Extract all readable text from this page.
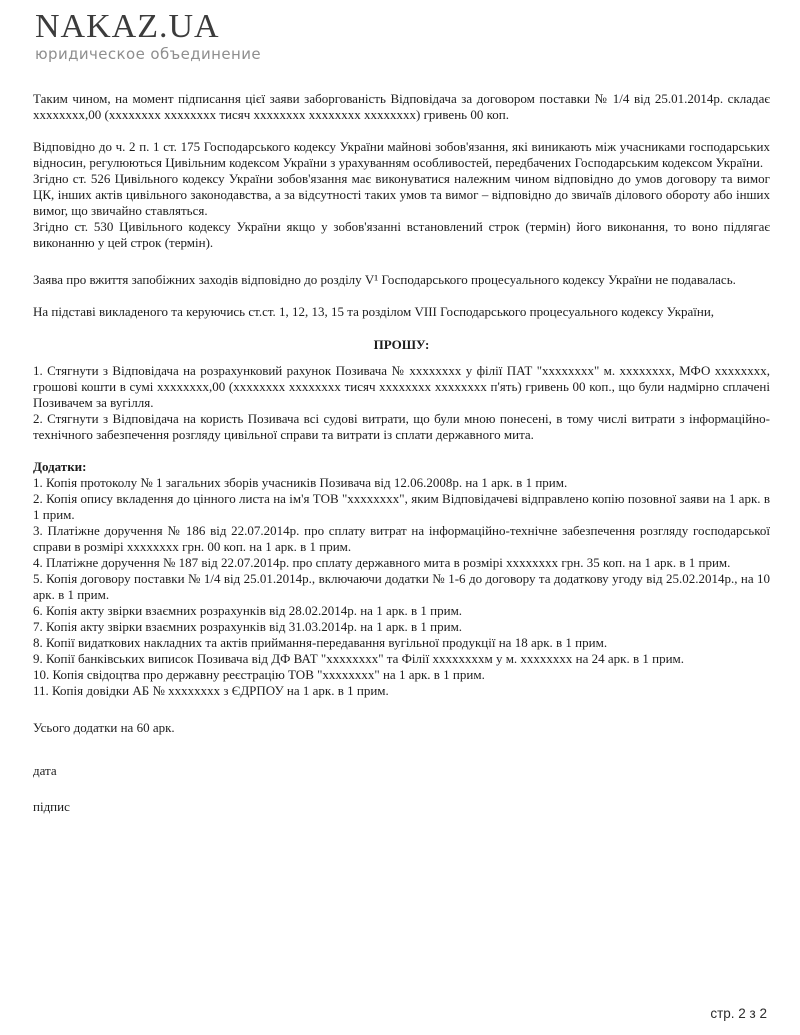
NAKAZ.UA
юридическое объединение

Таким чином, на момент підписання цієї заяви заборгованість Відповідача за договором поставки № 1/4 від 25.01.2014р. складає хххххххх,00 (хххххххх хххххххх тисяч хххххххх хххххххх хххххххх) гривень 00 коп.

Відповідно до ч. 2 п. 1 ст. 175 Господарського кодексу України майнові зобов'язання, які виникають між учасниками господарських відносин, регулюються Цивільним кодексом України з урахуванням особливостей, передбачених Господарським кодексом України.

Згідно ст. 526 Цивільного кодексу України зобов'язання має виконуватися належним чином відповідно до умов договору та вимог ЦК, інших актів цивільного законодавства, а за відсутності таких умов та вимог – відповідно до звичаїв ділового обороту або інших вимог, що звичайно ставляться.

Згідно ст. 530 Цивільного кодексу України якщо у зобов'язанні встановлений строк (термін) його виконання, то воно підлягає виконанню у цей строк (термін).

Заява про вжиття запобіжних заходів відповідно до розділу V¹ Господарського процесуального кодексу України не подавалась.

На підставі викладеного та керуючись ст.ст. 1, 12, 13, 15 та розділом VIII Господарського процесуального кодексу України,

ПРОШУ:

1. Стягнути з Відповідача на розрахунковий рахунок Позивача № хххххххх у філії ПАТ "хххххххх" м. хххххххх, МФО хххххххх, грошові кошти в сумі хххххххх,00 (хххххххх хххххххх тисяч хххххххх хххххххх п'ять) гривень 00 коп., що були надмірно сплачені Позивачем за вугілля.

2. Стягнути з Відповідача на користь Позивача всі судові витрати, що були мною понесені, в тому числі витрати з інформаційно-технічного забезпечення розгляду цивільної справи та витрати із сплати державного мита.

Додатки:

1. Копія протоколу № 1 загальних зборів учасників Позивача від 12.06.2008р. на 1 арк. в 1 прим.

2. Копія опису вкладення до цінного листа на ім'я ТОВ "хххххххх", яким Відповідачеві відправлено копію позовної заяви на 1 арк. в 1 прим.

3. Платіжне доручення № 186 від 22.07.2014р. про сплату витрат на інформаційно-технічне забезпечення розгляду господарської справи в розмірі хххххххх грн. 00 коп. на 1 арк. в 1 прим.

4. Платіжне доручення № 187 від 22.07.2014р. про сплату державного мита в розмірі хххххххх грн. 35 коп. на 1 арк. в 1 прим.

5. Копія договору поставки № 1/4 від 25.01.2014р., включаючи додатки № 1-6 до договору та додаткову угоду від 25.02.2014р., на 10 арк. в 1 прим.

6. Копія акту звірки взаємних розрахунків від 28.02.2014р. на 1 арк. в 1 прим.

7. Копія акту звірки взаємних розрахунків від 31.03.2014р. на 1 арк. в 1 прим.

8. Копії видаткових накладних та актів приймання-передавання вугільної продукції на 18 арк. в 1 прим.

9. Копії банківських виписок Позивача від ДФ ВАТ "хххххххх" та Філії ххххххххм у м. хххххххх на 24 арк. в 1 прим.

10. Копія свідоцтва про державну реєстрацію ТОВ "хххххххх" на 1 арк. в 1 прим.

11. Копія довідки АБ № хххххххх з ЄДРПОУ на 1 арк. в 1 прим.

Усього додатки на 60 арк.

дата

підпис

стр. 2 з 2
